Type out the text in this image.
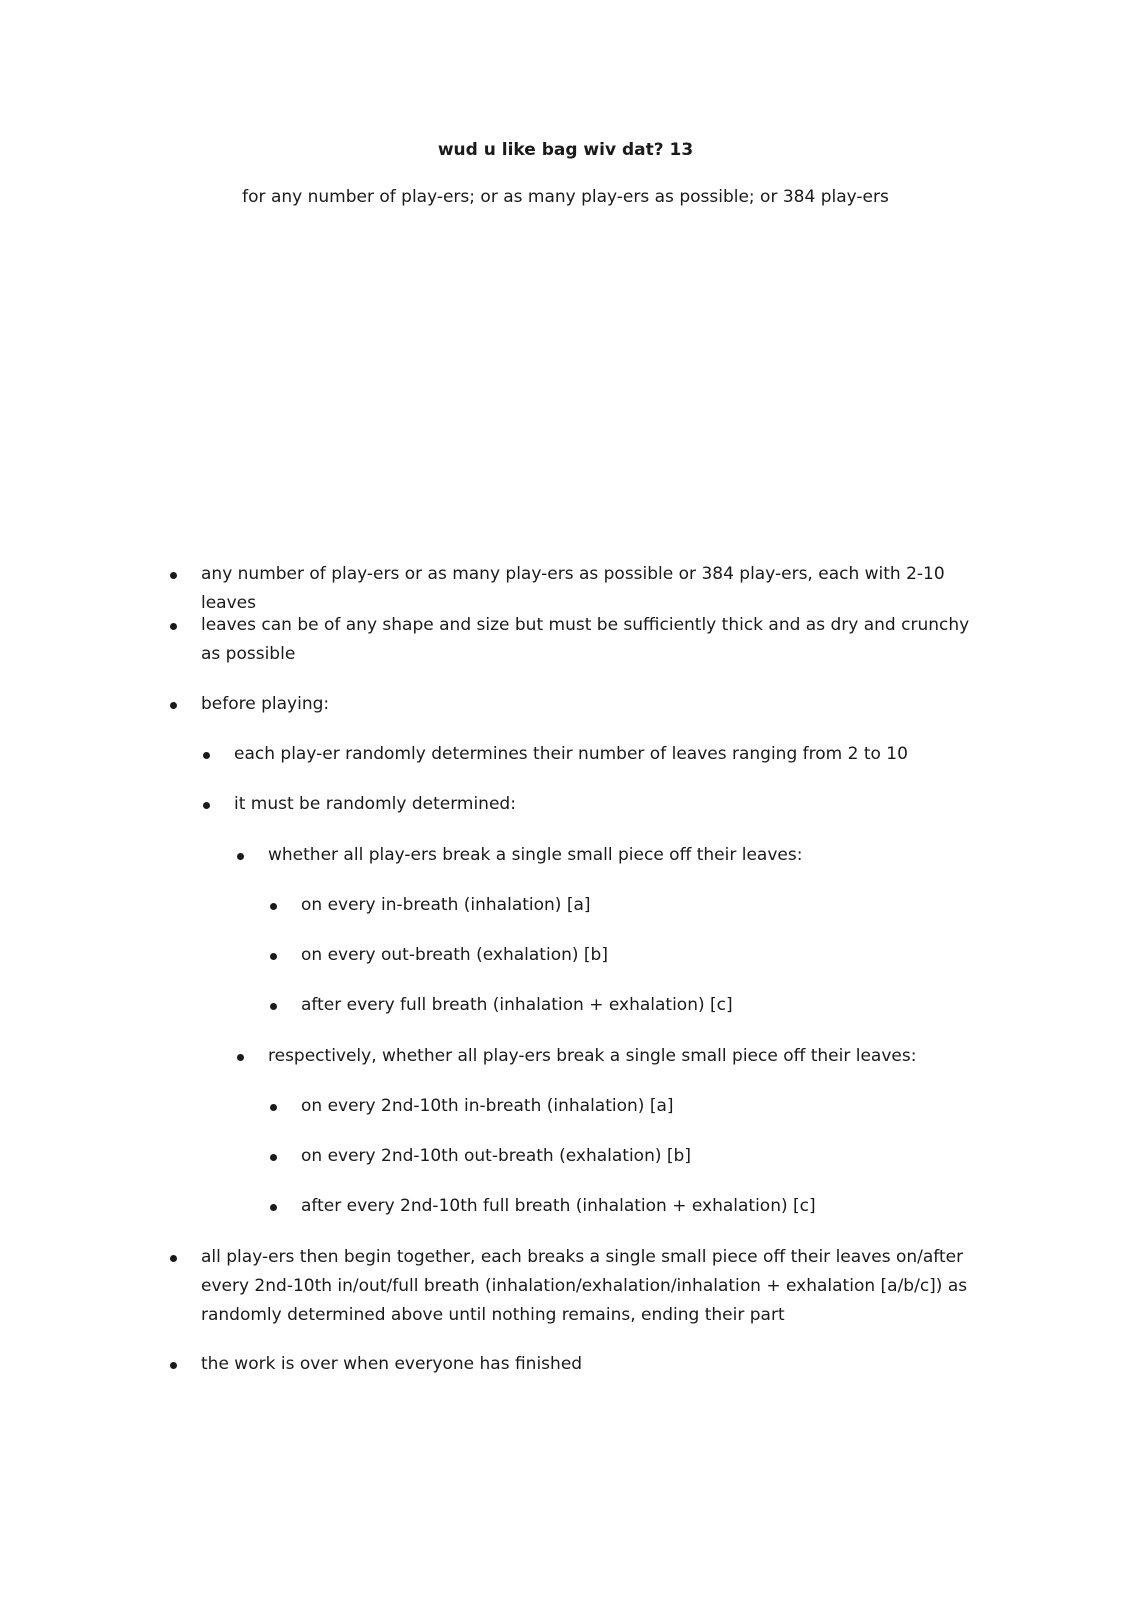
wud u like bag wiv dat? 13
for any number of play-ers; or as many play-ers as possible; or 384 play-ers
any number of play-ers or as many play-ers as possible or 384 play-ers, each with 2-10 leaves
leaves can be of any shape and size but must be sufficiently thick and as dry and crunchy as possible
before playing:
each play-er randomly determines their number of leaves ranging from 2 to 10
it must be randomly determined:
whether all play-ers break a single small piece off their leaves:
on every in-breath (inhalation) [a]
on every out-breath (exhalation) [b]
after every full breath (inhalation + exhalation) [c]
respectively, whether all play-ers break a single small piece off their leaves:
on every 2nd-10th in-breath (inhalation) [a]
on every 2nd-10th out-breath (exhalation) [b]
after every 2nd-10th full breath (inhalation + exhalation) [c]
all play-ers then begin together, each breaks a single small piece off their leaves on/after every 2nd-10th in/out/full breath (inhalation/exhalation/inhalation + exhalation [a/b/c]) as randomly determined above until nothing remains, ending their part
the work is over when everyone has finished
